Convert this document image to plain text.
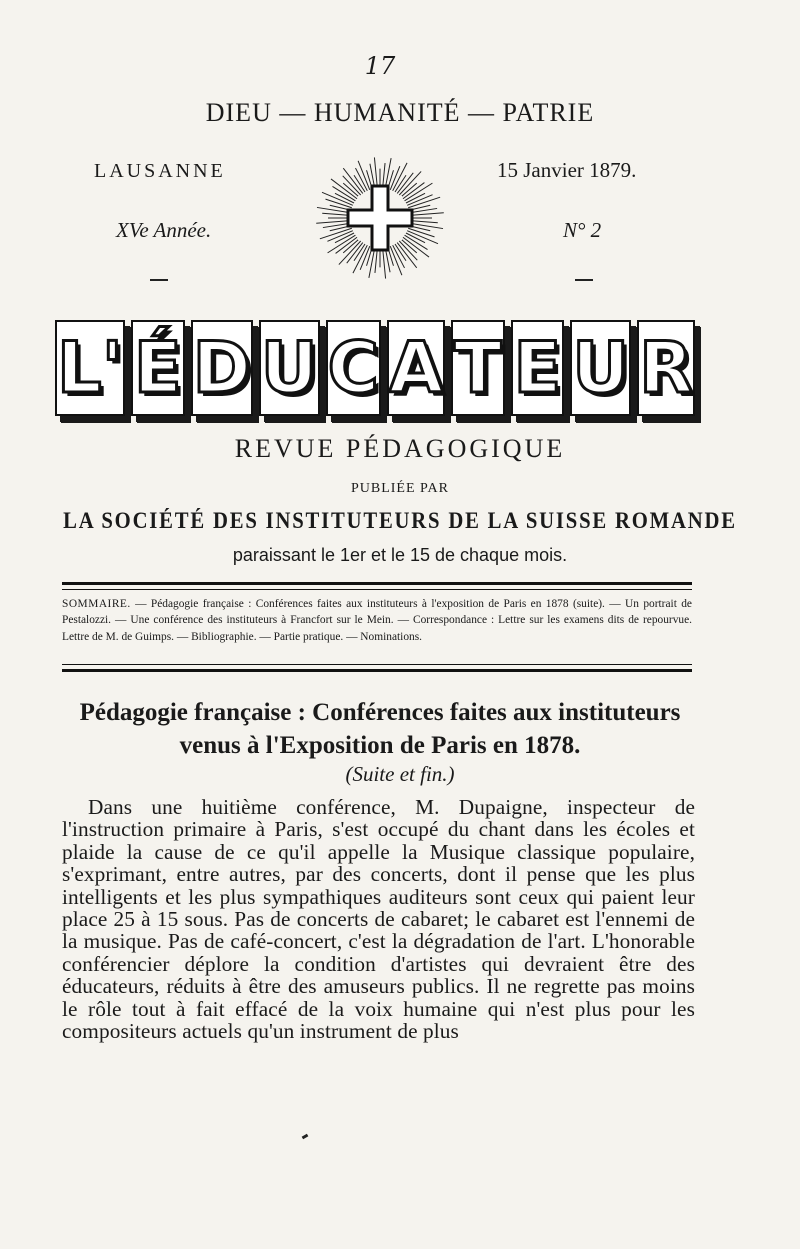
17
DIEU — HUMANITÉ — PATRIE
LAUSANNE	15 Janvier 1879.
XVe Année.	N° 2
L' É D U C A T E U R
REVUE PÉDAGOGIQUE
PUBLIÉE PAR
LA SOCIÉTÉ DES INSTITUTEURS DE LA SUISSE ROMANDE
paraissant le 1er et le 15 de chaque mois.
SOMMAIRE. — Pédagogie française : Conférences faites aux instituteurs à l'exposition de Paris en 1878 (suite). — Un portrait de Pestalozzi. — Une conférence des instituteurs à Francfort sur le Mein. — Correspondance : Lettre sur les examens dits de repourvue. Lettre de M. de Guimps. — Bibliographie. — Partie pratique. — Nominations.
Pédagogie française : Conférences faites aux instituteurs
venus à l'Exposition de Paris en 1878.
(Suite et fin.)

Dans une huitième conférence, M. Dupaigne, inspecteur de l'instruction primaire à Paris, s'est occupé du chant dans les écoles et plaide la cause de ce qu'il appelle la Musique classique populaire, s'exprimant, entre autres, par des concerts, dont il pense que les plus intelligents et les plus sympathiques auditeurs sont ceux qui paient leur place 25 à 15 sous. Pas de concerts de cabaret; le cabaret est l'ennemi de la musique. Pas de café-concert, c'est la dégradation de l'art. L'honorable conférencier déplore la condition d'artistes qui devraient être des éducateurs, réduits à être des amuseurs publics. Il ne regrette pas moins le rôle tout à fait effacé de la voix humaine qui n'est plus pour les compositeurs actuels qu'un instrument de plus
